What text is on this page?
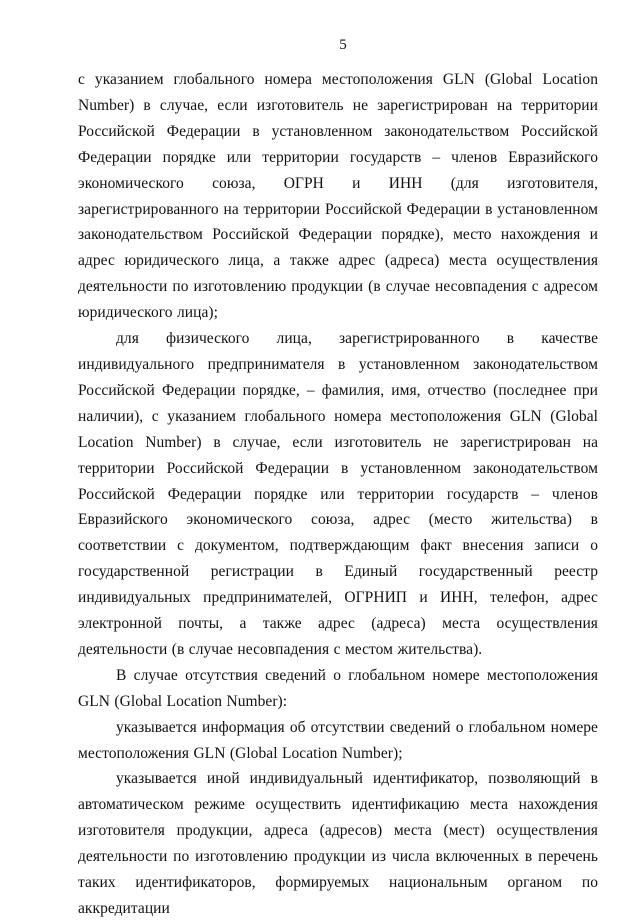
5

с указанием глобального номера местоположения GLN (Global Location Number) в случае, если изготовитель не зарегистрирован на территории Российской Федерации в установленном законодательством Российской Федерации порядке или территории государств – членов Евразийского экономического союза, ОГРН и ИНН (для изготовителя, зарегистрированного на территории Российской Федерации в установленном законодательством Российской Федерации порядке), место нахождения и адрес юридического лица, а также адрес (адреса) места осуществления деятельности по изготовлению продукции (в случае несовпадения с адресом юридического лица);

для физического лица, зарегистрированного в качестве индивидуального предпринимателя в установленном законодательством Российской Федерации порядке, – фамилия, имя, отчество (последнее при наличии), с указанием глобального номера местоположения GLN (Global Location Number) в случае, если изготовитель не зарегистрирован на территории Российской Федерации в установленном законодательством Российской Федерации порядке или территории государств – членов Евразийского экономического союза, адрес (место жительства) в соответствии с документом, подтверждающим факт внесения записи о государственной регистрации в Единый государственный реестр индивидуальных предпринимателей, ОГРНИП и ИНН, телефон, адрес электронной почты, а также адрес (адреса) места осуществления деятельности (в случае несовпадения с местом жительства).

В случае отсутствия сведений о глобальном номере местоположения GLN (Global Location Number):

указывается информация об отсутствии сведений о глобальном номере местоположения GLN (Global Location Number);

указывается иной индивидуальный идентификатор, позволяющий в автоматическом режиме осуществить идентификацию места нахождения изготовителя продукции, адреса (адресов) места (мест) осуществления деятельности по изготовлению продукции из числа включенных в перечень таких идентификаторов, формируемых национальным органом по аккредитации
